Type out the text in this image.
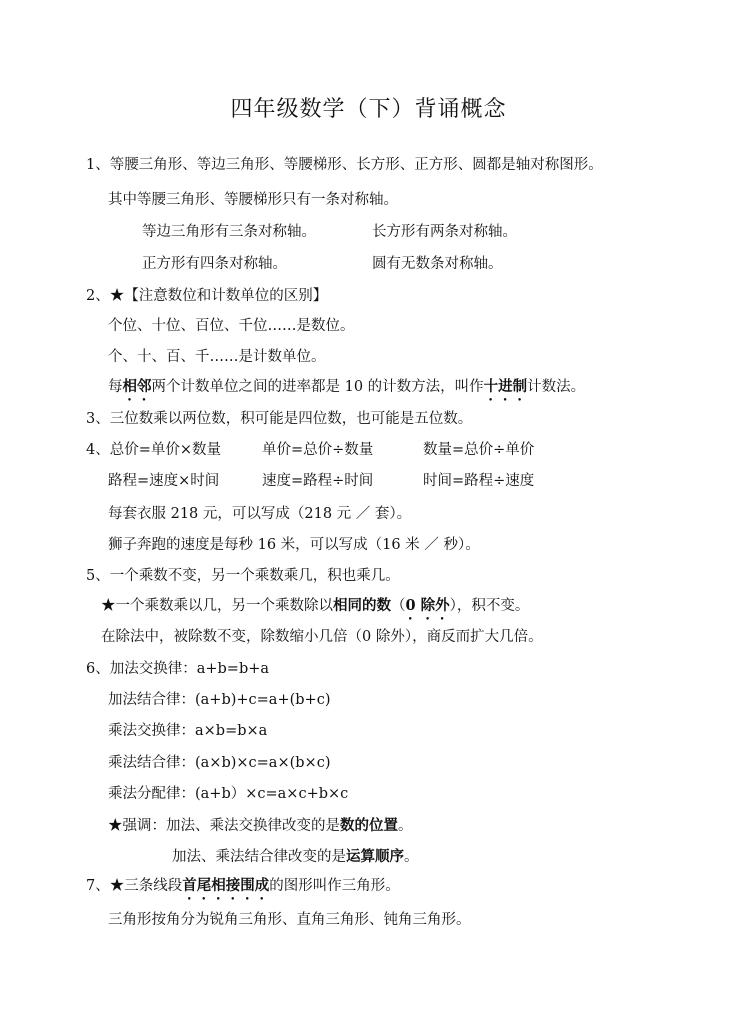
四年级数学（下）背诵概念
1、等腰三角形、等边三角形、等腰梯形、长方形、正方形、圆都是轴对称图形。
其中等腰三角形、等腰梯形只有一条对称轴。
等边三角形有三条对称轴。	长方形有两条对称轴。
正方形有四条对称轴。	圆有无数条对称轴。
2、★【注意数位和计数单位的区别】
个位、十位、百位、千位……是数位。
个、十、百、千……是计数单位。
每相邻两个计数单位之间的进率都是 10 的计数方法，叫作十进制计数法。
3、三位数乘以两位数，积可能是四位数，也可能是五位数。
4、总价=单价×数量	单价=总价÷数量	数量=总价÷单价
路程=速度×时间	速度=路程÷时间	时间=路程÷速度
每套衣服 218 元，可以写成（218 元 ／ 套）。
狮子奔跑的速度是每秒 16 米，可以写成（16 米 ／ 秒）。
5、一个乘数不变，另一个乘数乘几，积也乘几。
★一个乘数乘以几，另一个乘数除以相同的数（0 除外），积不变。
在除法中，被除数不变，除数缩小几倍（0 除外），商反而扩大几倍。
6、加法交换律：a+b=b+a
加法结合律：(a+b)+c=a+(b+c)
乘法交换律：a×b=b×a
乘法结合律：(a×b)×c=a×(b×c)
乘法分配律：(a+b）×c=a×c+b×c
★强调：加法、乘法交换律改变的是数的位置。
加法、乘法结合律改变的是运算顺序。
7、★三条线段首尾相接围成的图形叫作三角形。
三角形按角分为锐角三角形、直角三角形、钝角三角形。
